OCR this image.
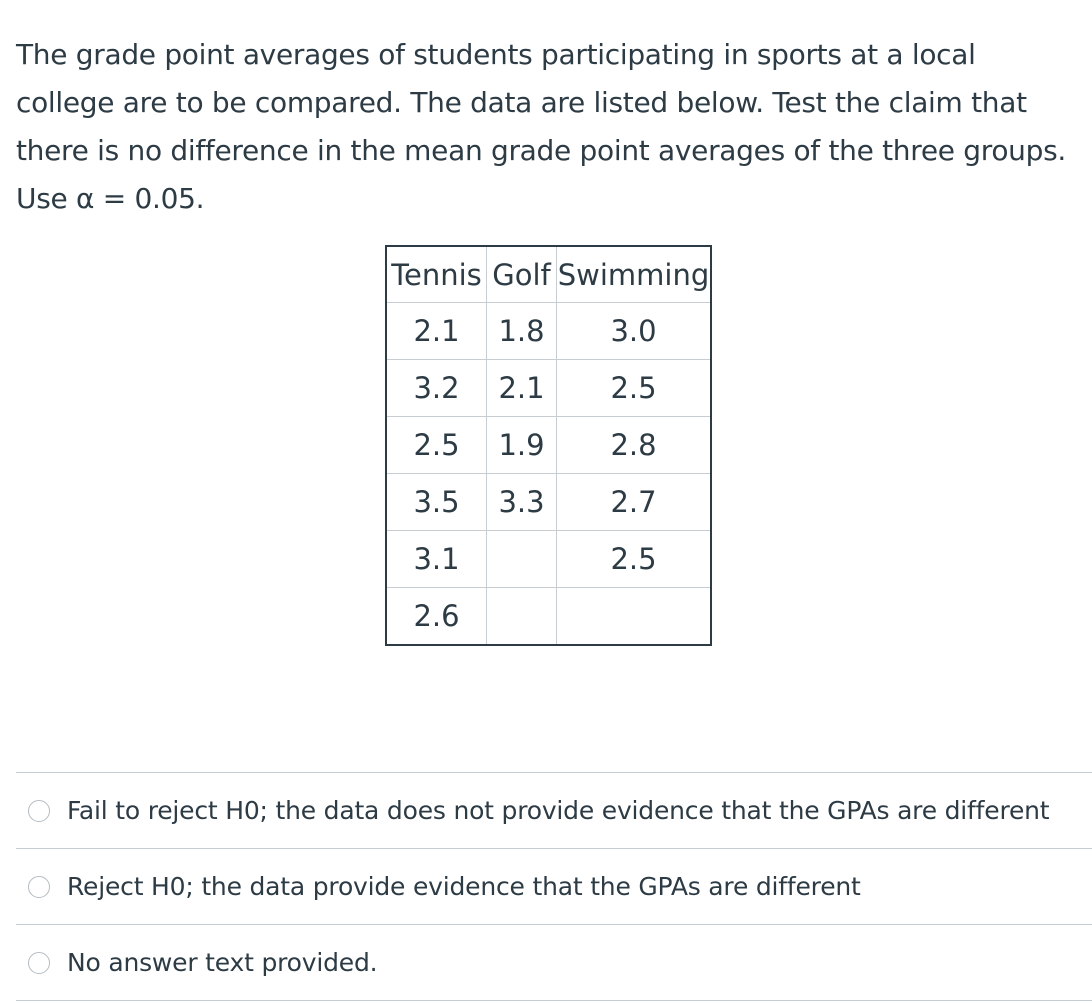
The grade point averages of students participating in sports at a local

college are to be compared. The data are listed below. Test the claim that

there is no difference in the mean grade point averages of the three groups.

Use α = 0.05.

Tennis	Golf	Swimming
2.1	1.8	3.0
3.2	2.1	2.5
2.5	1.9	2.8
3.5	3.3	2.7
3.1		2.5
2.6		
Fail to reject H0; the data does not provide evidence that the GPAs are different
Reject H0; the data provide evidence that the GPAs are different
No answer text provided.
